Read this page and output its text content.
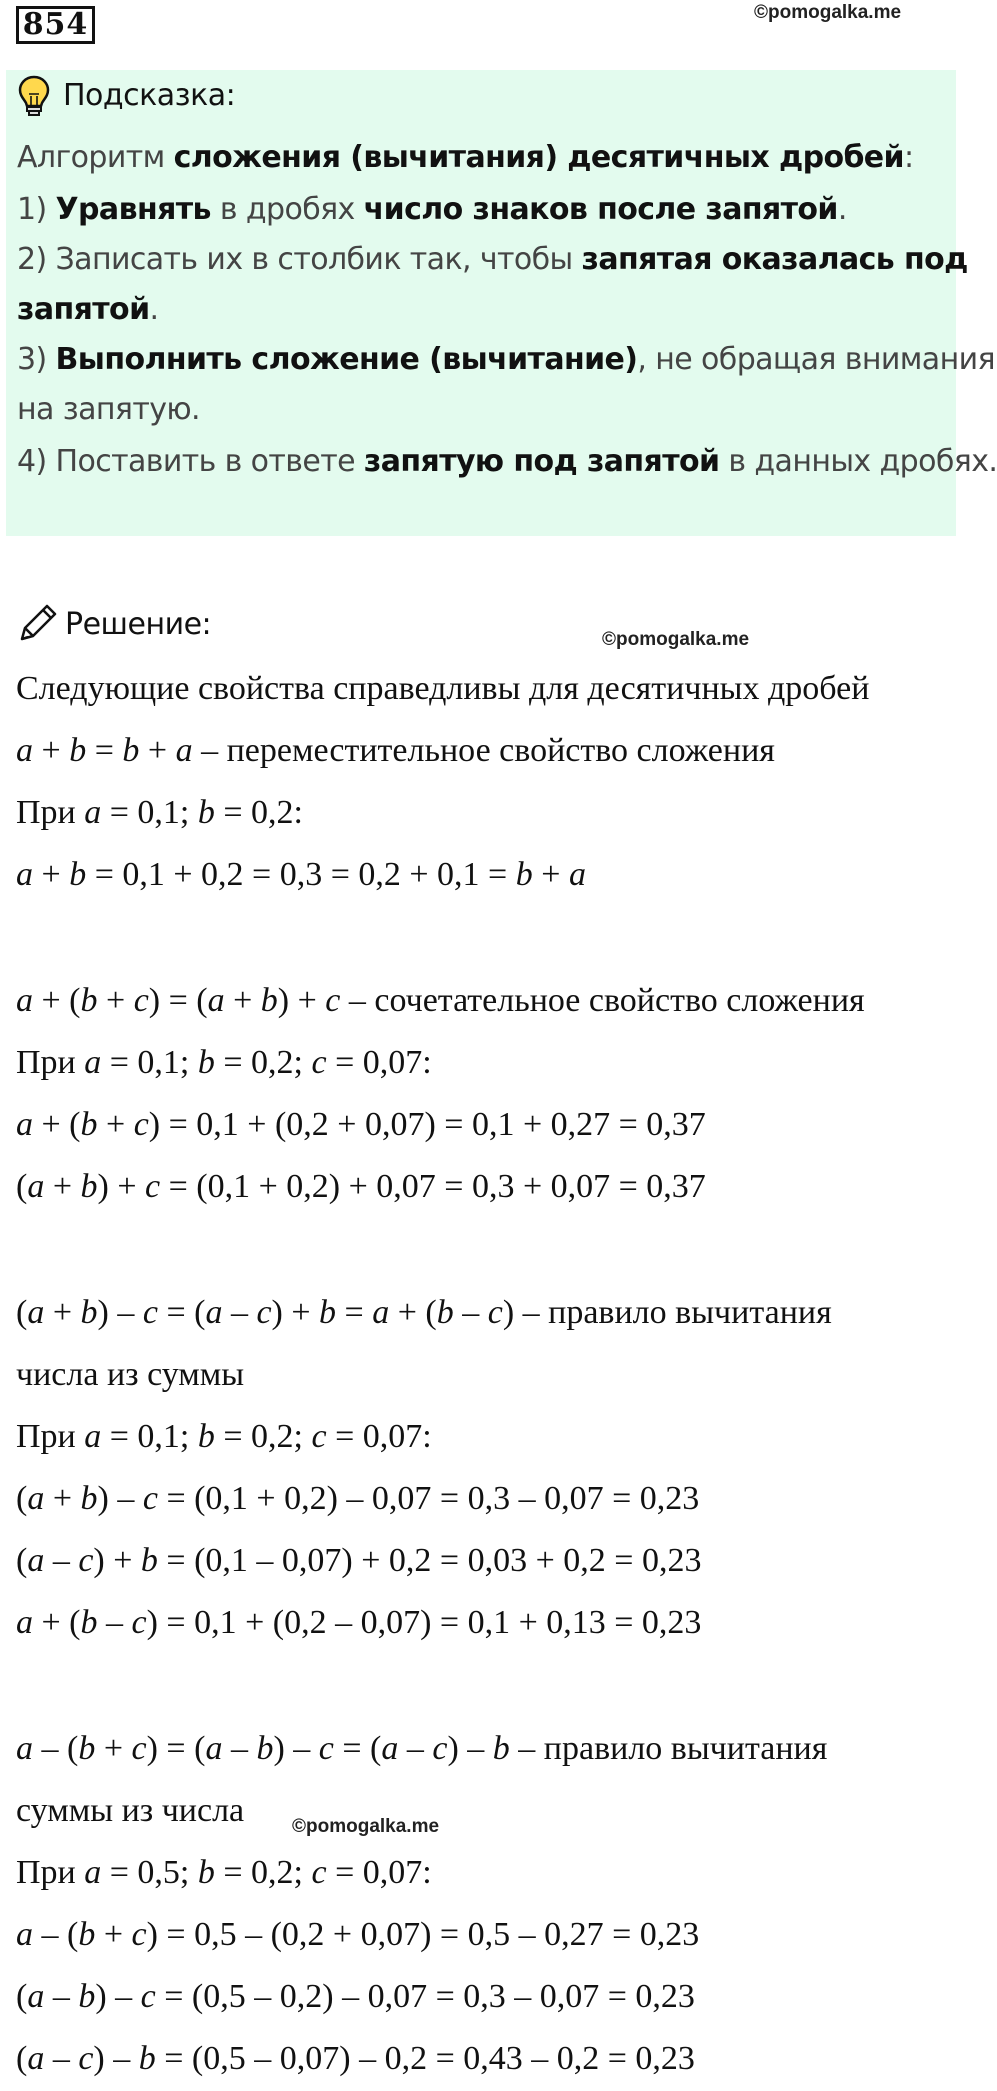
854	©pomogalka.me
Подсказка:
Алгоритм сложения (вычитания) десятичных дробей:
1) Уравнять в дробях число знаков после запятой.
2) Записать их в столбик так, чтобы запятая оказалась под
запятой.
3) Выполнить сложение (вычитание), не обращая внимания
на запятую.
4) Поставить в ответе запятую под запятой в данных дробях.
Решение:	©pomogalka.me
©pomogalka.me
Следующие свойства справедливы для десятичных дробей
a + b = b + a – переместительное свойство сложения
При a = 0,1; b = 0,2:
a + b = 0,1 + 0,2 = 0,3 = 0,2 + 0,1 = b + a
a + (b + c) = (a + b) + c – сочетательное свойство сложения
При a = 0,1; b = 0,2; c = 0,07:
a + (b + c) = 0,1 + (0,2 + 0,07) = 0,1 + 0,27 = 0,37
(a + b) + c = (0,1 + 0,2) + 0,07 = 0,3 + 0,07 = 0,37
(a + b) – c = (a – c) + b = a + (b – c) – правило вычитания
числа из суммы
При a = 0,1; b = 0,2; c = 0,07:
(a + b) – c = (0,1 + 0,2) – 0,07 = 0,3 – 0,07 = 0,23
(a – c) + b = (0,1 – 0,07) + 0,2 = 0,03 + 0,2 = 0,23
a + (b – c) = 0,1 + (0,2 – 0,07) = 0,1 + 0,13 = 0,23
a – (b + c) = (a – b) – c = (a – c) – b – правило вычитания
суммы из числа
При a = 0,5; b = 0,2; c = 0,07:
a – (b + c) = 0,5 – (0,2 + 0,07) = 0,5 – 0,27 = 0,23
(a – b) – c = (0,5 – 0,2) – 0,07 = 0,3 – 0,07 = 0,23
(a – c) – b = (0,5 – 0,07) – 0,2 = 0,43 – 0,2 = 0,23
